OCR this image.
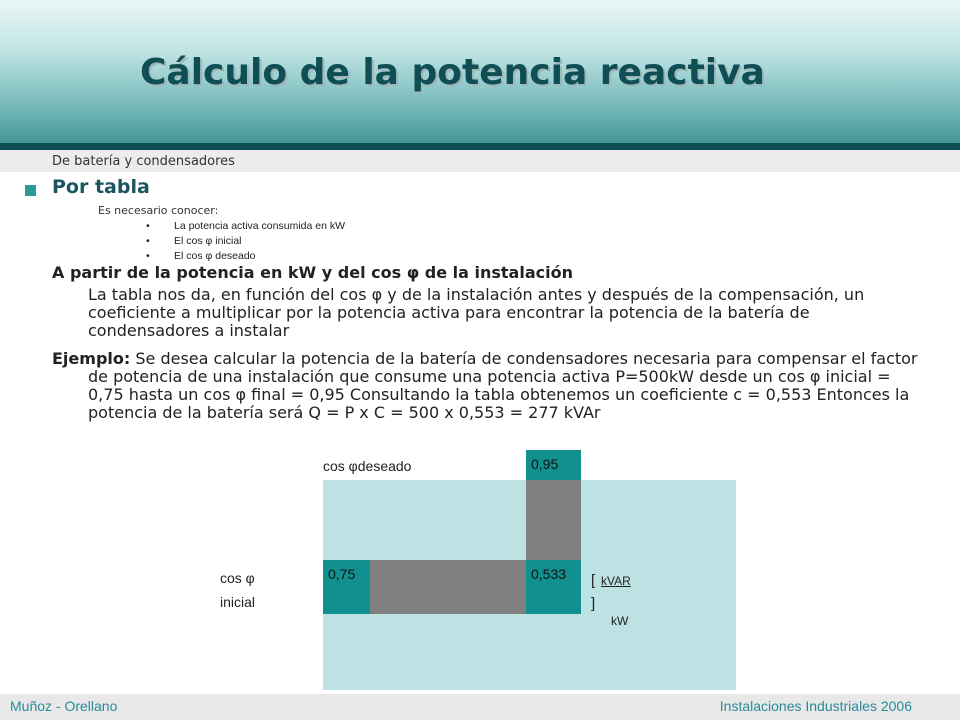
Cálculo de la potencia reactiva
De batería y condensadores
Por tabla
Es necesario conocer:
• La potencia activa consumida en kW
• El cos φ inicial
• El cos φ deseado
A partir de la potencia en kW y del cos φ de la instalación
La tabla nos da, en función del cos φ y de la instalación antes y después de la compensación, un coeficiente a multiplicar por la potencia activa para encontrar la potencia de la batería de condensadores a instalar
Ejemplo: Se desea calcular la potencia de la batería de condensadores necesaria para compensar el factor de potencia de una instalación que consume una potencia activa P=500kW desde un cos φ inicial = 0,75 hasta un cos φ final = 0,95 Consultando la tabla obtenemos un coeficiente c = 0,553 Entonces la potencia de la batería será Q = P x C = 500 x 0,553 = 277 kVAr
0,95
0,75	0,533
cos φdeseado
cos φ
inicial
[ kVAR
]
kW
Muñoz - Orellano	Instalaciones Industriales 2006
